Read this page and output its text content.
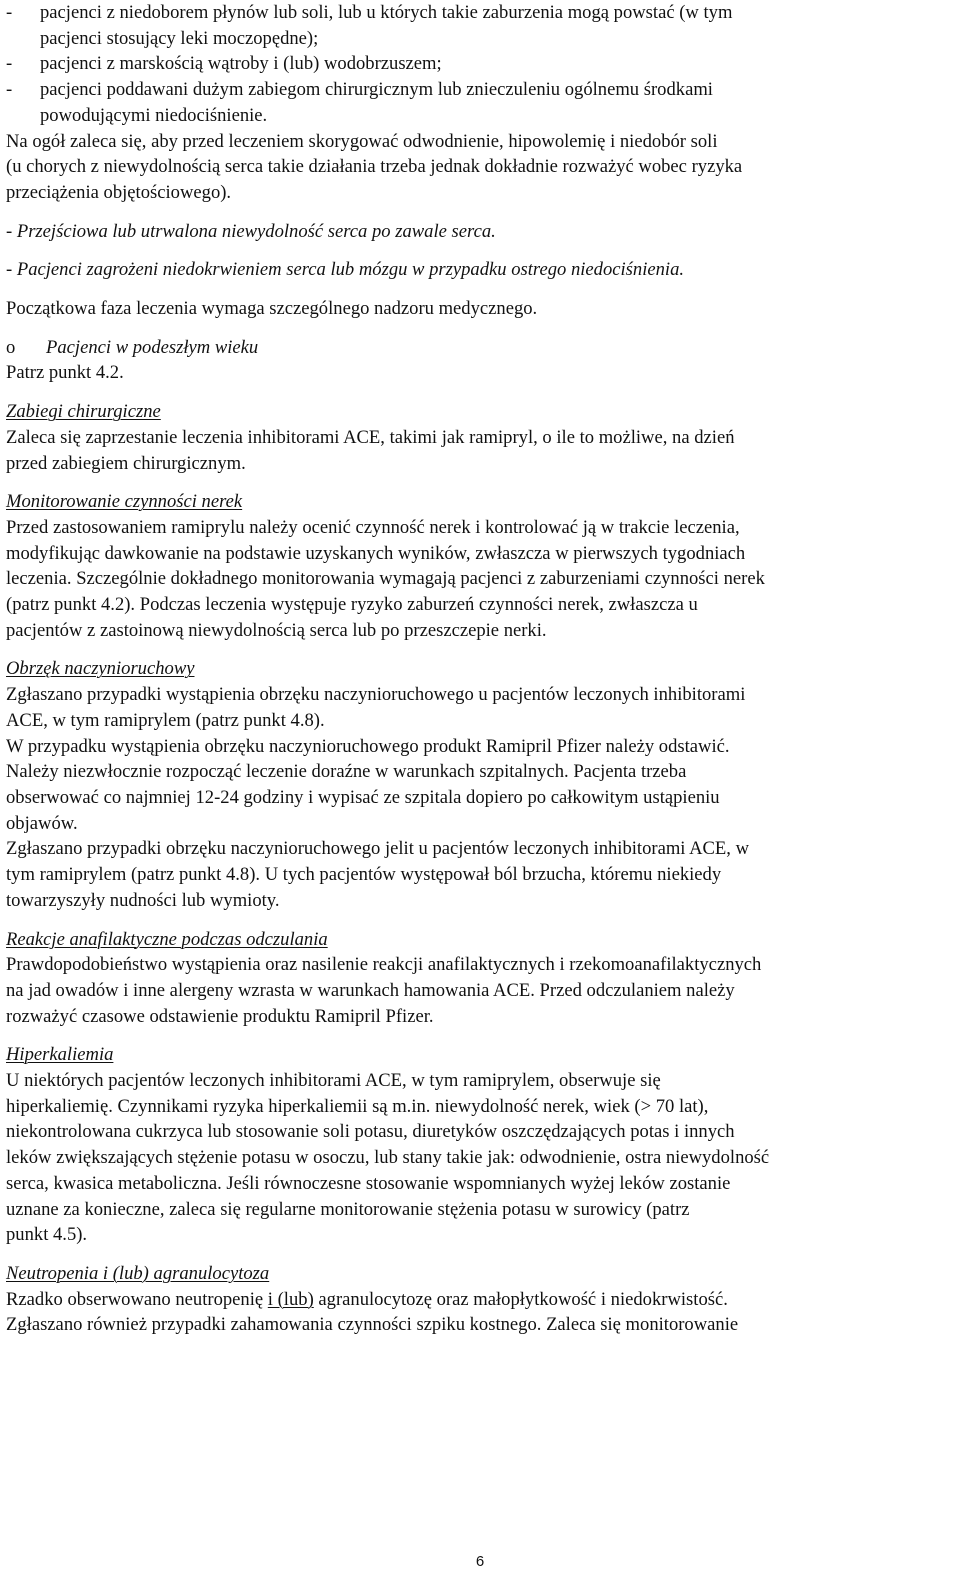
-	pacjenci z niedoborem płynów lub soli, lub u których takie zaburzenia mogą powstać (w tym
pacjenci stosujący leki moczopędne);
-	pacjenci z marskością wątroby i (lub) wodobrzuszem;
-	pacjenci poddawani dużym zabiegom chirurgicznym lub znieczuleniu ogólnemu środkami
powodującymi niedociśnienie.
Na ogół zaleca się, aby przed leczeniem skorygować odwodnienie, hipowolemię i niedobór soli
(u chorych z niewydolnością serca takie działania trzeba jednak dokładnie rozważyć wobec ryzyka
przeciążenia objętościowego).
- Przejściowa lub utrwalona niewydolność serca po zawale serca.
- Pacjenci zagrożeni niedokrwieniem serca lub mózgu w przypadku ostrego niedociśnienia.
Początkowa faza leczenia wymaga szczególnego nadzoru medycznego.
o	Pacjenci w podeszłym wieku
Patrz punkt 4.2.
Zabiegi chirurgiczne
Zaleca się zaprzestanie leczenia inhibitorami ACE, takimi jak ramipryl, o ile to możliwe, na dzień
przed zabiegiem chirurgicznym.
Monitorowanie czynności nerek
Przed zastosowaniem ramiprylu należy ocenić czynność nerek i kontrolować ją w trakcie leczenia,
modyfikując dawkowanie na podstawie uzyskanych wyników, zwłaszcza w pierwszych tygodniach
leczenia. Szczególnie dokładnego monitorowania wymagają pacjenci z zaburzeniami czynności nerek
(patrz punkt 4.2). Podczas leczenia występuje ryzyko zaburzeń czynności nerek, zwłaszcza u
pacjentów z zastoinową niewydolnością serca lub po przeszczepie nerki.
Obrzęk naczynioruchowy
Zgłaszano przypadki wystąpienia obrzęku naczynioruchowego u pacjentów leczonych inhibitorami
ACE, w tym ramiprylem (patrz punkt 4.8).
W przypadku wystąpienia obrzęku naczynioruchowego produkt Ramipril Pfizer należy odstawić.
Należy niezwłocznie rozpocząć leczenie doraźne w warunkach szpitalnych. Pacjenta trzeba
obserwować co najmniej 12-24 godziny i wypisać ze szpitala dopiero po całkowitym ustąpieniu
objawów.
Zgłaszano przypadki obrzęku naczynioruchowego jelit u pacjentów leczonych inhibitorami ACE, w
tym ramiprylem (patrz punkt 4.8). U tych pacjentów występował ból brzucha, któremu niekiedy
towarzyszyły nudności lub wymioty.
Reakcje anafilaktyczne podczas odczulania
Prawdopodobieństwo wystąpienia oraz nasilenie reakcji anafilaktycznych i rzekomoanafilaktycznych
na jad owadów i inne alergeny wzrasta w warunkach hamowania ACE. Przed odczulaniem należy
rozważyć czasowe odstawienie produktu Ramipril Pfizer.
Hiperkaliemia
U niektórych pacjentów leczonych inhibitorami ACE, w tym ramiprylem, obserwuje się
hiperkaliemię. Czynnikami ryzyka hiperkaliemii są m.in. niewydolność nerek, wiek (> 70 lat),
niekontrolowana cukrzyca lub stosowanie soli potasu, diuretyków oszczędzających potas i innych
leków zwiększających stężenie potasu w osoczu, lub stany takie jak: odwodnienie, ostra niewydolność
serca, kwasica metaboliczna. Jeśli równoczesne stosowanie wspomnianych wyżej leków zostanie
uznane za konieczne, zaleca się regularne monitorowanie stężenia potasu w surowicy (patrz
punkt 4.5).
Neutropenia i (lub) agranulocytoza
Rzadko obserwowano neutropenię i (lub) agranulocytozę oraz małopłytkowość i niedokrwistość.
Zgłaszano również przypadki zahamowania czynności szpiku kostnego. Zaleca się monitorowanie
6
